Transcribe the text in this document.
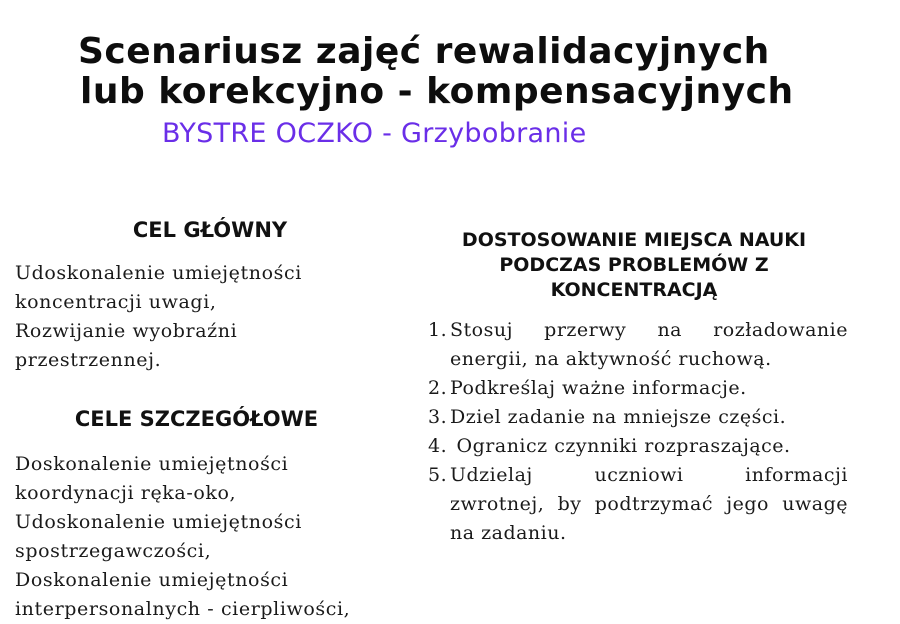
Scenariusz zajęć rewalidacyjnych
lub korekcyjno - kompensacyjnych
BYSTRE OCZKO - Grzybobranie
CEL GŁÓWNY
Udoskonalenie umiejętności
koncentracji uwagi,
Rozwijanie wyobraźni
przestrzennej.
CELE SZCZEGÓŁOWE
Doskonalenie umiejętności
koordynacji ręka-oko,
Udoskonalenie umiejętności
spostrzegawczości,
Doskonalenie umiejętności
interpersonalnych - cierpliwości,
DOSTOSOWANIE MIEJSCA NAUKI
PODCZAS PROBLEMÓW Z
KONCENTRACJĄ
1. Stosuj przerwy na rozładowanie
energii, na aktywność ruchową.
2. Podkreślaj ważne informacje.
3. Dziel zadanie na mniejsze części.
4. Ogranicz czynniki rozpraszające.
5. Udzielaj uczniowi informacji
zwrotnej, by podtrzymać jego uwagę
na zadaniu.
